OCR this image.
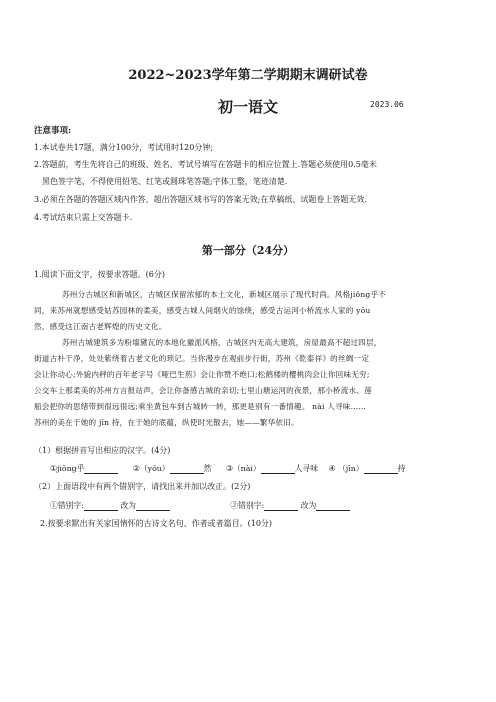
2022~2023学年第二学期期末调研试卷
初一语文	2023.06
注意事项:
1.本试卷共17题，满分100分，考试用时120分钟;
2.答题前，考生先将自己的班级、姓名、考试号填写在答题卡的相应位置上.答题必须使用0.5毫米
黑色签字笔，不得使用铅笔、红笔或圆珠笔答题;字体工整，笔迹清楚.
3.必须在各题的答题区域内作答，超出答题区域书写的答案无效;在草稿纸、试题卷上答题无效.
4.考试结束只需上交答题卡.
第一部分（24分）
1.阅读下面文字，按要求答题。(6分)
苏州分古城区和新城区，古城区保留浓郁的本土文化，新城区展示了现代时尚。风格jiǒng乎不
同，来苏州就想感受姑苏园林的柔美，感受古城人间烟火的馀绕，感受古运河小桥流水人家的 yōu
然，感受这江南古老辉煌的历史文化。
苏州古城建筑多为粉墙黛瓦的本地化徽派风格，古城区内无高大建筑，房屋最高不超过四层，
街道古朴干净，处处紫绕着古老文化的琐记。当你漫步在观前步行街，苏州《乾泰祥》的丝绸一定
会让你动心;外貌内秤的百年老字号《哑巴生煎》会让你赞不绝口;松鹤楼的樱桃肉会让你回味无穷;
公交车上那柔美的苏州方言报站声，会让你备感古城的亲切;七里山塘运河的夜景，那小桥流水、莲
船会把你的思绪带到很远很远;乘坐黄包车到古城转一转，那更是别有一番情趣。 nài 人寻味……
苏州的美在于她的 jīn 持，在于她的底蕴，纵使时光散去，她——繁华依旧。
（1）根据拼音写出相应的汉字。(4分)
①jiǒng乎	②（yōu）	然 ③（nài）	人寻味 ④ （jīn）	持
（2）上面语段中有两个错别字，请找出来并加以改正。(2分)
①错别字:	改为	②错别字:	改为
2.按要求默出有关家国情怀的古诗文名句、作者或者篇目。(10分)
